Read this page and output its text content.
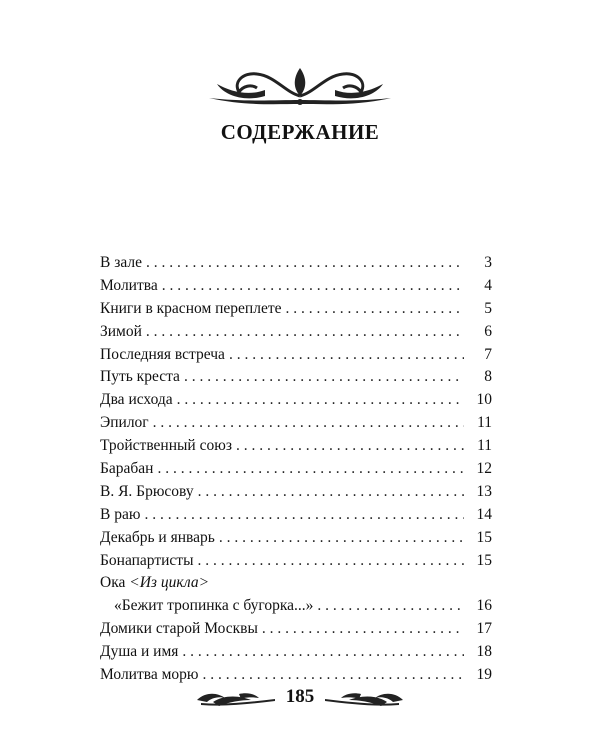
СОДЕРЖАНИЕ
В зале . . .	3
Молитва . . .	4
Книги в красном переплете . . .	5
Зимой . . .	6
Последняя встреча . . .	7
Путь креста . . .	8
Два исхода . . .	10
Эпилог . . .	11
Тройственный союз . . .	11
Барабан . . .	12
В. Я. Брюсову . . .	13
В раю . . .	14
Декабрь и январь . . .	15
Бонапартисты . . .	15
Ока <Из цикла>
«Бежит тропинка с бугорка...» . . .	16
Домики старой Москвы . . .	17
Душа и имя . . .	18
Молитва морю . . .	19
185
